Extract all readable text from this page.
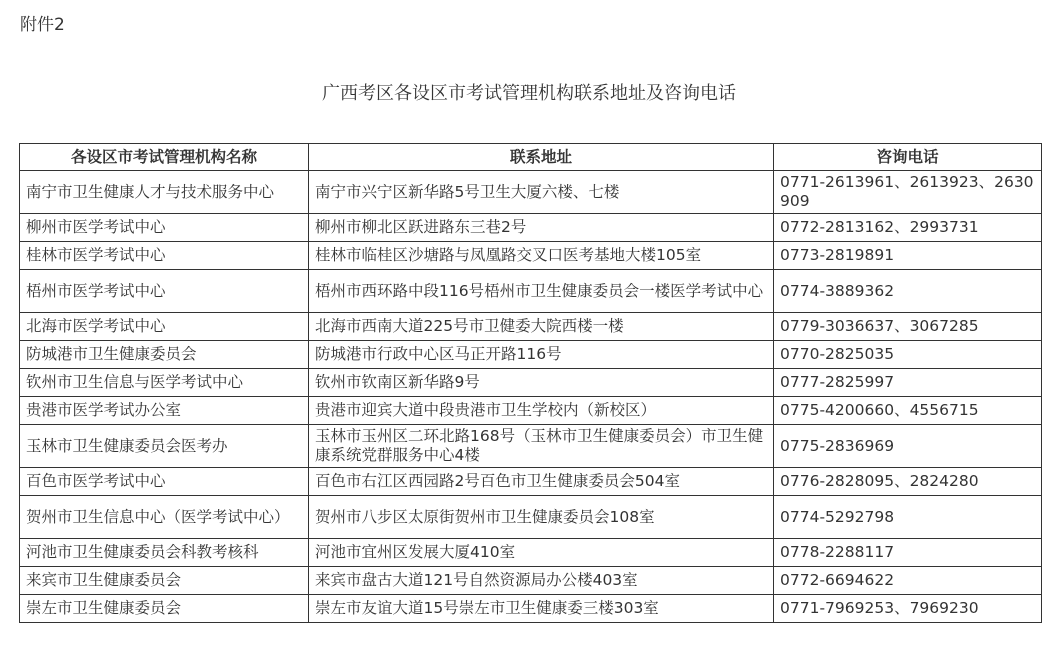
附件2
广西考区各设区市考试管理机构联系地址及咨询电话
各设区市考试管理机构名称	联系地址	咨询电话
南宁市卫生健康人才与技术服务中心	南宁市兴宁区新华路5号卫生大厦六楼、七楼	0771-2613961、2613923、2630909
柳州市医学考试中心	柳州市柳北区跃进路东三巷2号	0772-2813162、2993731
桂林市医学考试中心	桂林市临桂区沙塘路与凤凰路交叉口医考基地大楼105室	0773-2819891
梧州市医学考试中心	梧州市西环路中段116号梧州市卫生健康委员会一楼医学考试中心	0774-3889362
北海市医学考试中心	北海市西南大道225号市卫健委大院西楼一楼	0779-3036637、3067285
防城港市卫生健康委员会	防城港市行政中心区马正开路116号	0770-2825035
钦州市卫生信息与医学考试中心	钦州市钦南区新华路9号	0777-2825997
贵港市医学考试办公室	贵港市迎宾大道中段贵港市卫生学校内（新校区）	0775-4200660、4556715
玉林市卫生健康委员会医考办	玉林市玉州区二环北路168号（玉林市卫生健康委员会）市卫生健康系统党群服务中心4楼	0775-2836969
百色市医学考试中心	百色市右江区西园路2号百色市卫生健康委员会504室	0776-2828095、2824280
贺州市卫生信息中心（医学考试中心）	贺州市八步区太原街贺州市卫生健康委员会108室	0774-5292798
河池市卫生健康委员会科教考核科	河池市宜州区发展大厦410室	0778-2288117
来宾市卫生健康委员会	来宾市盘古大道121号自然资源局办公楼403室	0772-6694622
崇左市卫生健康委员会	崇左市友谊大道15号崇左市卫生健康委三楼303室	0771-7969253、7969230
